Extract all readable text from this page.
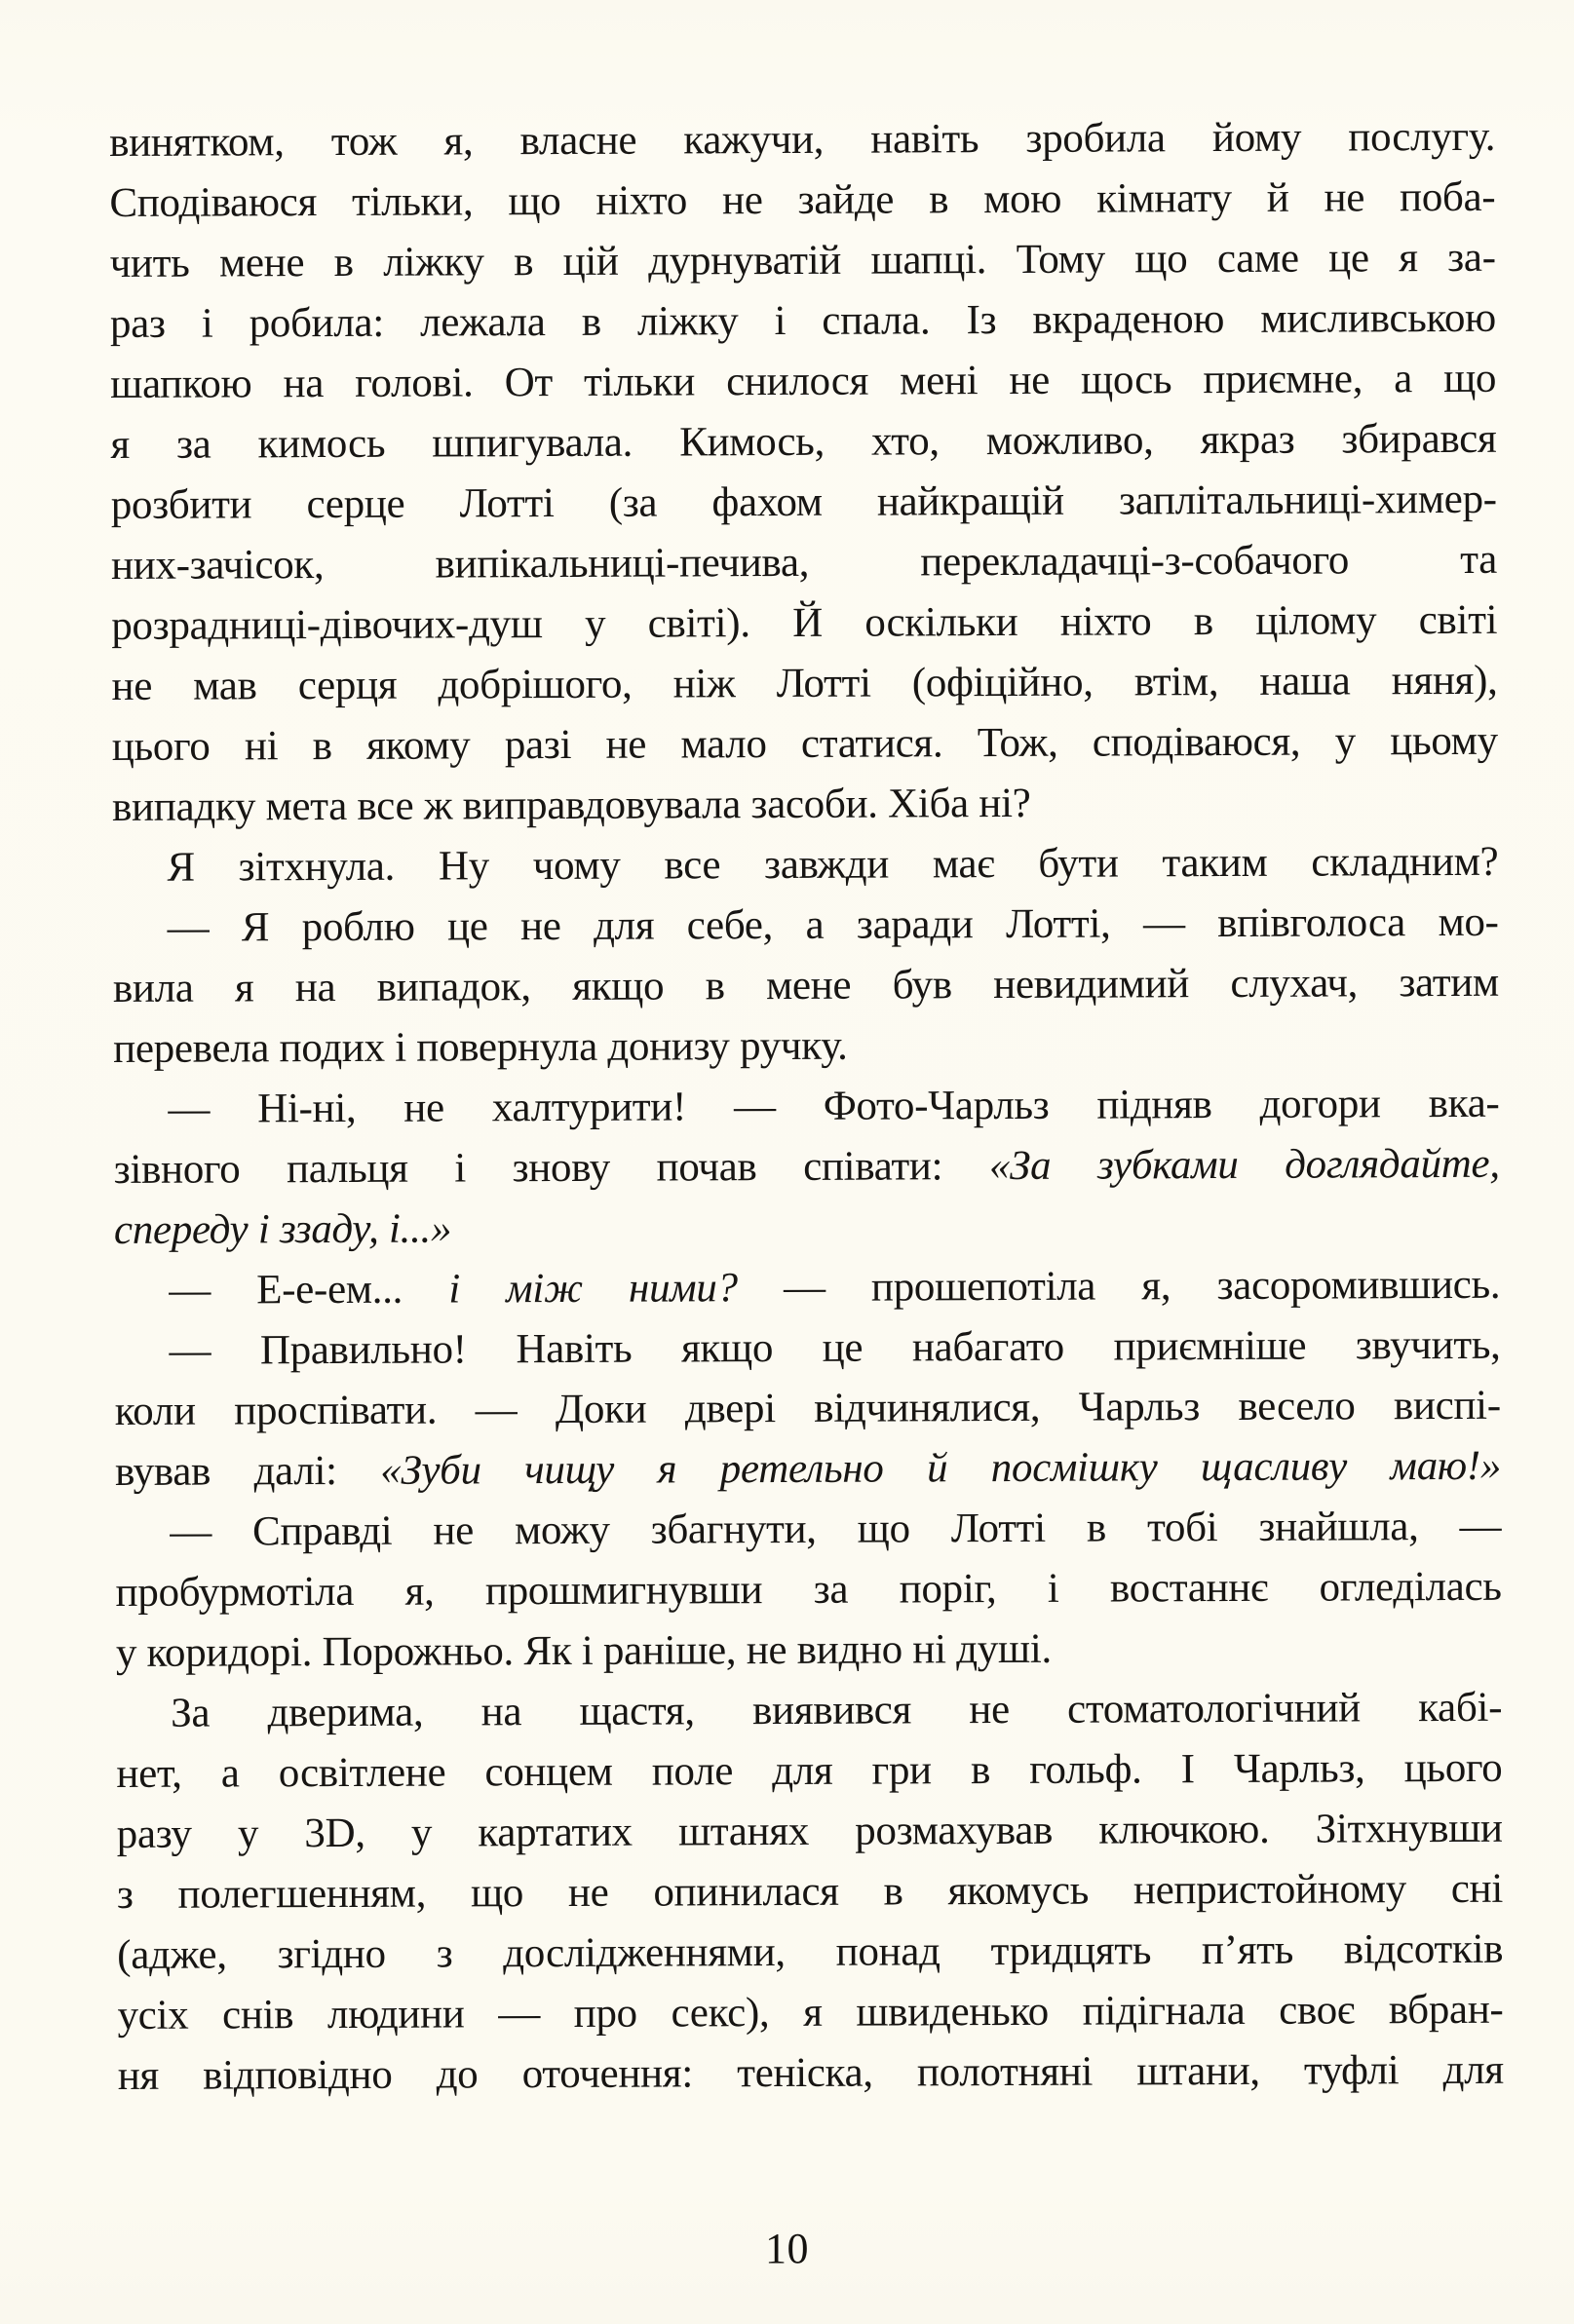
винятком, тож я, власне кажучи, навіть зробила йому послугу.
Сподіваюся тільки, що ніхто не зайде в мою кімнату й не поба-
чить мене в ліжку в цій дурнуватій шапці. Тому що саме це я за-
раз і робила: лежала в ліжку і спала. Із вкраденою мисливською
шапкою на голові. От тільки снилося мені не щось приємне, а що
я за кимось шпигувала. Кимось, хто, можливо, якраз збирався
розбити серце Лотті (за фахом найкращій заплітальниці-химер-
них-зачісок, випікальниці-печива, перекладачці-з-собачого та
розрадниці-дівочих-душ у світі). Й оскільки ніхто в цілому світі
не мав серця добрішого, ніж Лотті (офіційно, втім, наша няня),
цього ні в якому разі не мало статися. Тож, сподіваюся, у цьому
випадку мета все ж виправдовувала засоби. Хіба ні?
Я зітхнула. Ну чому все завжди має бути таким складним?
— Я роблю це не для себе, а заради Лотті, — впівголоса мо-
вила я на випадок, якщо в мене був невидимий слухач, затим
перевела подих і повернула донизу ручку.
— Ні-ні, не халтурити! — Фото-Чарльз підняв догори вка-
зівного пальця і знову почав співати: «За зубками доглядайте,
спереду і ззаду, і...»
— Е-е-ем... і між ними? — прошепотіла я, засоромившись.
— Правильно! Навіть якщо це набагато приємніше звучить,
коли проспівати. — Доки двері відчинялися, Чарльз весело виспі-
вував далі: «Зуби чищу я ретельно й посмішку щасливу маю!»
— Справді не можу збагнути, що Лотті в тобі знайшла, —
пробурмотіла я, прошмигнувши за поріг, і востаннє огледілась
у коридорі. Порожньо. Як і раніше, не видно ні душі.
За дверима, на щастя, виявився не стоматологічний кабі-
нет, а освітлене сонцем поле для гри в гольф. І Чарльз, цього
разу у 3D, у картатих штанях розмахував ключкою. Зітхнувши
з полегшенням, що не опинилася в якомусь непристойному сні
(адже, згідно з дослідженнями, понад тридцять п’ять відсотків
усіх снів людини — про секс), я швиденько підігнала своє вбран-
ня відповідно до оточення: теніска, полотняні штани, туфлі для
10
